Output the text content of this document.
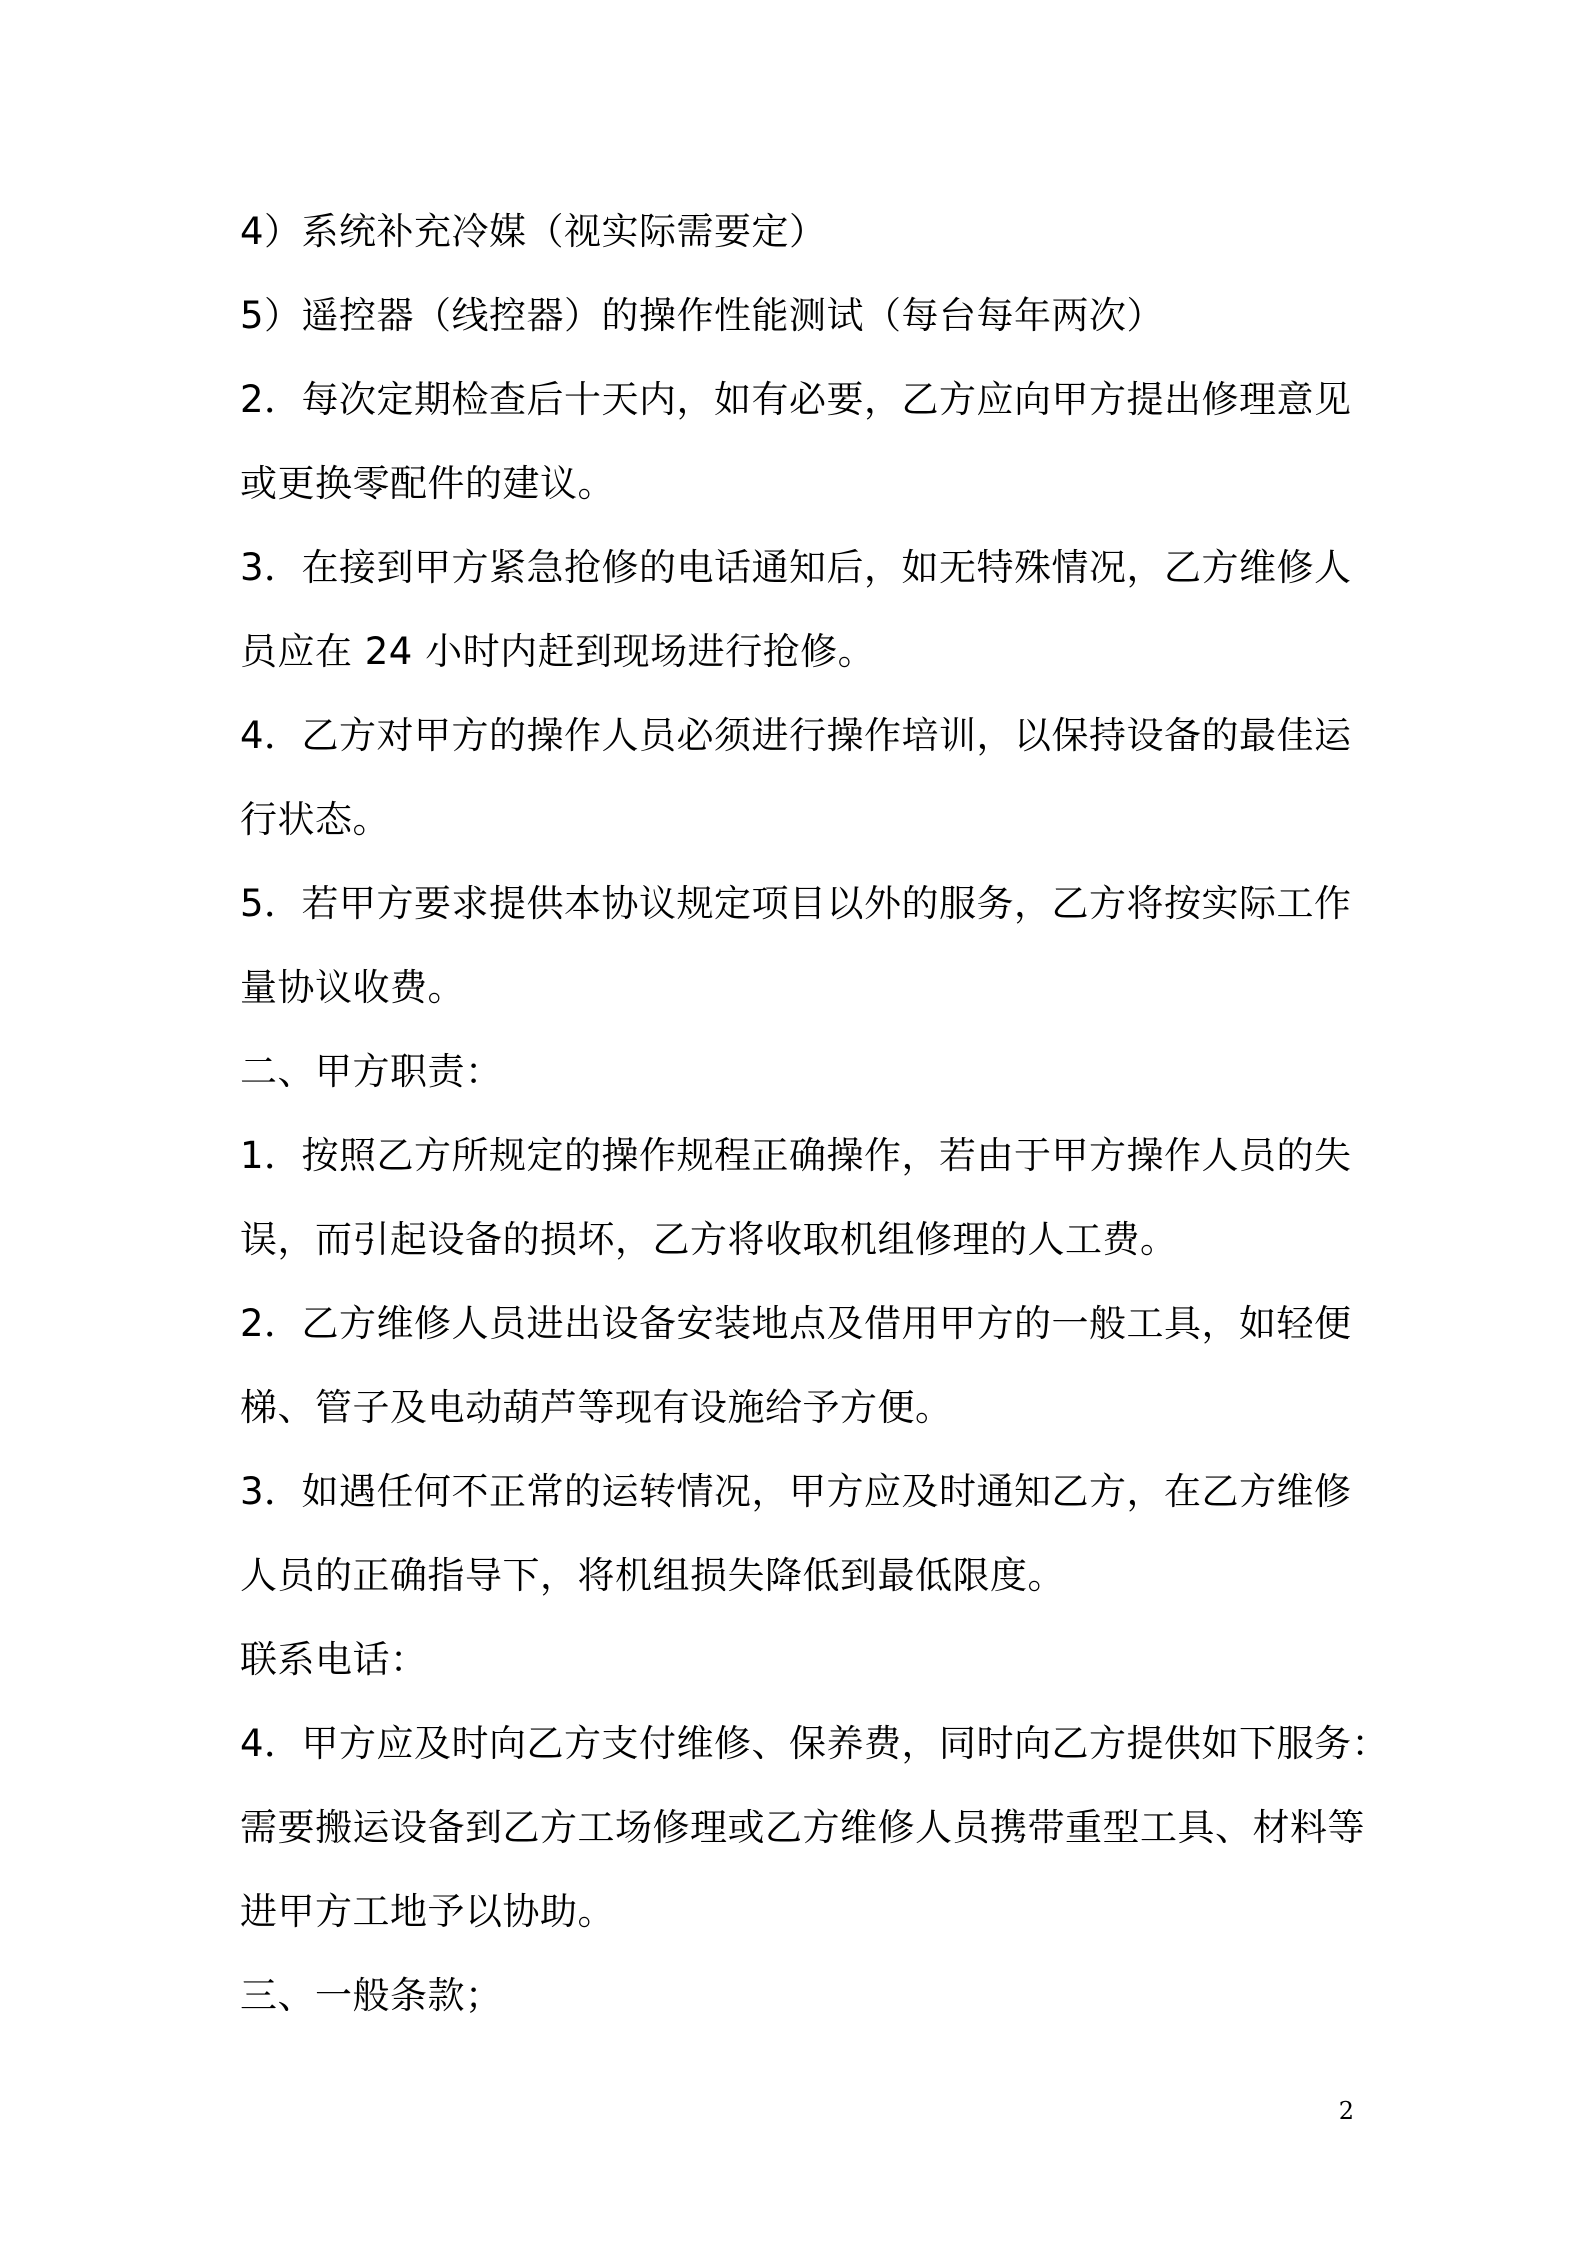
4）系统补充冷媒（视实际需要定）
5）遥控器（线控器）的操作性能测试（每台每年两次）
2．每次定期检查后十天内，如有必要，乙方应向甲方提出修理意见
或更换零配件的建议。
3．在接到甲方紧急抢修的电话通知后，如无特殊情况，乙方维修人
员应在 24 小时内赶到现场进行抢修。
4．乙方对甲方的操作人员必须进行操作培训，以保持设备的最佳运
行状态。
5．若甲方要求提供本协议规定项目以外的服务，乙方将按实际工作
量协议收费。
二、甲方职责：
1．按照乙方所规定的操作规程正确操作，若由于甲方操作人员的失
误，而引起设备的损坏，乙方将收取机组修理的人工费。
2．乙方维修人员进出设备安装地点及借用甲方的一般工具，如轻便
梯、管子及电动葫芦等现有设施给予方便。
3．如遇任何不正常的运转情况，甲方应及时通知乙方，在乙方维修
人员的正确指导下，将机组损失降低到最低限度。
联系电话：
4．甲方应及时向乙方支付维修、保养费，同时向乙方提供如下服务：
需要搬运设备到乙方工场修理或乙方维修人员携带重型工具、材料等
进甲方工地予以协助。
三、一般条款；
2
